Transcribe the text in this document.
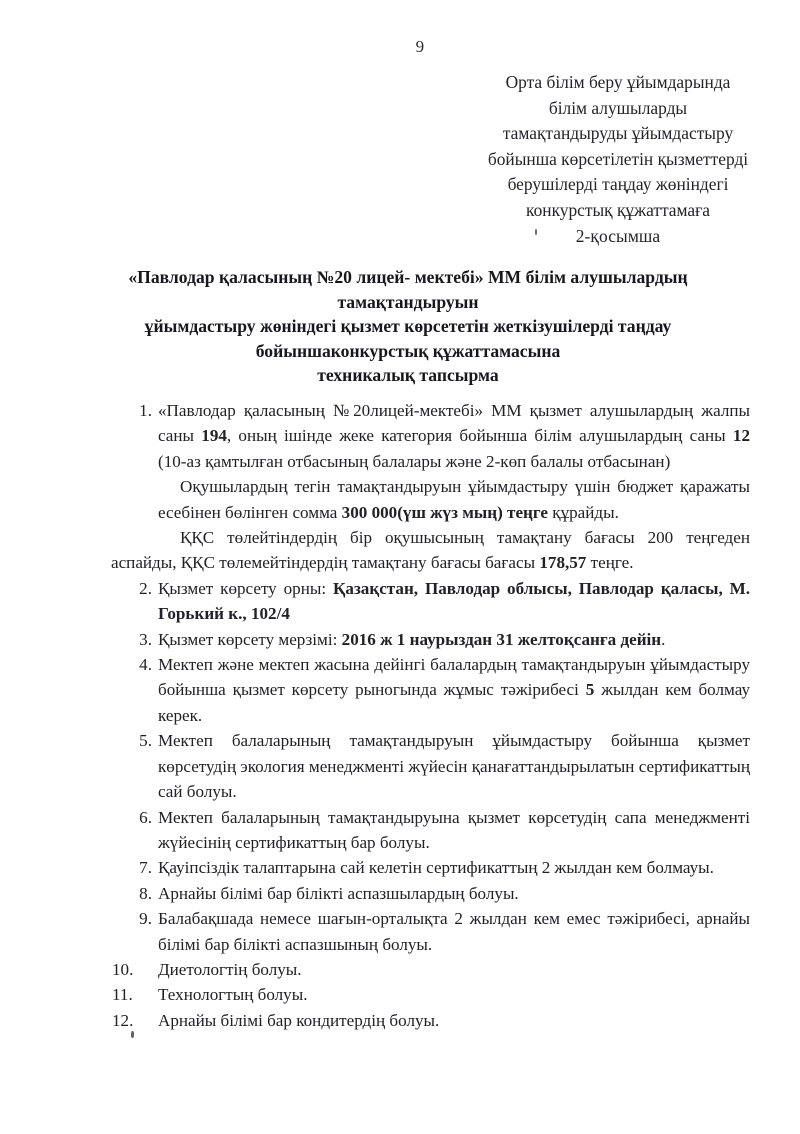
9
Орта білім беру ұйымдарында
білім алушыларды
тамақтандыруды ұйымдастыру
бойынша көрсетілетін қызметтерді
берушілерді таңдау жөніндегі
конкурстық құжаттамаға
2-қосымша
«Павлодар қаласының №20 лицей- мектебі» ММ білім алушылардың
тамақтандыруын
ұйымдастыру жөніндегі қызмет көрсететін жеткізушілерді таңдау
бойыншаконкурстық құжаттамасына
техникалық тапсырма
1. «Павлодар қаласының №20лицей-мектебі» ММ қызмет алушылардың жалпы саны 194, оның ішінде жеке категория бойынша білім алушылардың саны 12 (10-аз қамтылған отбасының балалары және 2-көп балалы отбасынан)
Оқушылардың тегін тамақтандыруын ұйымдастыру үшін бюджет қаражаты есебінен бөлінген сомма 300 000(үш жүз мың) теңге құрайды.
ҚҚС төлейтіндердің бір оқушысының тамақтану бағасы 200 теңгеден аспайды, ҚҚС төлемейтіндердің тамақтану бағасы бағасы 178,57 теңге.
2. Қызмет көрсету орны: Қазақстан, Павлодар облысы, Павлодар қаласы, М. Горький к., 102/4
3. Қызмет көрсету мерзімі: 2016 ж 1 наурыздан 31 желтоқсанға дейін.
4. Мектеп және мектеп жасына дейінгі балалардың тамақтандыруын ұйымдастыру бойынша қызмет көрсету рыногында жұмыс тәжірибесі 5 жылдан кем болмау керек.
5. Мектеп балаларының тамақтандыруын ұйымдастыру бойынша қызмет көрсетудің экология менеджменті жүйесін қанағаттандырылатын сертификаттың сай болуы.
6. Мектеп балаларының тамақтандыруына қызмет көрсетудің сапа менеджменті жүйесінің сертификаттың бар болуы.
7. Қауіпсіздік талаптарына сай келетін сертификаттың 2 жылдан кем болмауы.
8. Арнайы білімі бар білікті аспазшылардың болуы.
9. Балабақшада немесе шағын-орталықта 2 жылдан кем емес тәжірибесі, арнайы білімі бар білікті аспазшының болуы.
10.	Диетологтің болуы.
11.	Технологтың болуы.
12.	Арнайы білімі бар кондитердің болуы.
